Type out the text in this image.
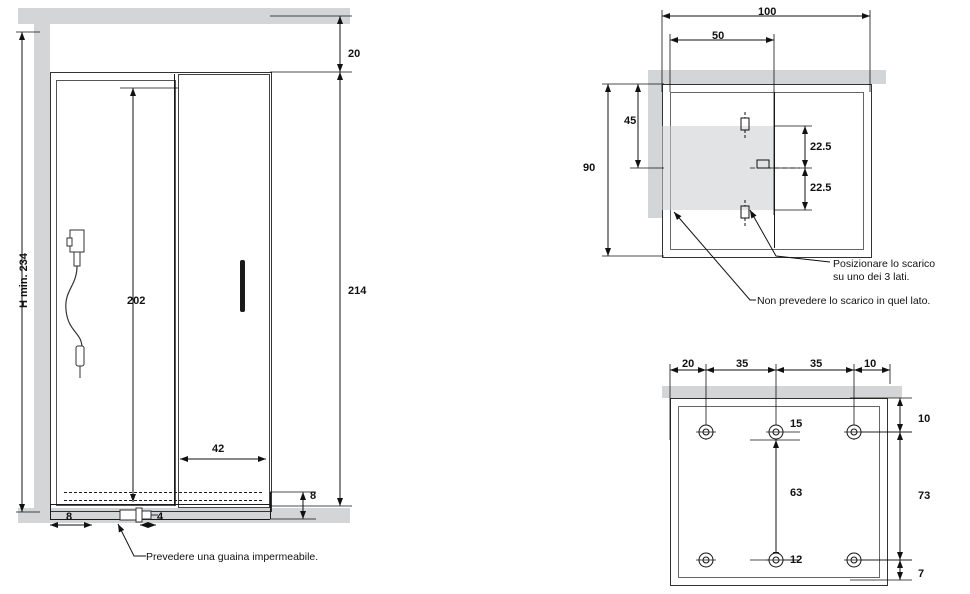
H min. 234
20
202
214
42
8
8	4
Prevedere una guaina impermeabile.
100
50
90
45
22.5
22.5
Posizionare lo scarico
su uno dei 3 lati.
Non prevedere lo scarico in quel lato.
20	35	35	10
10
15
63	73
12
7
